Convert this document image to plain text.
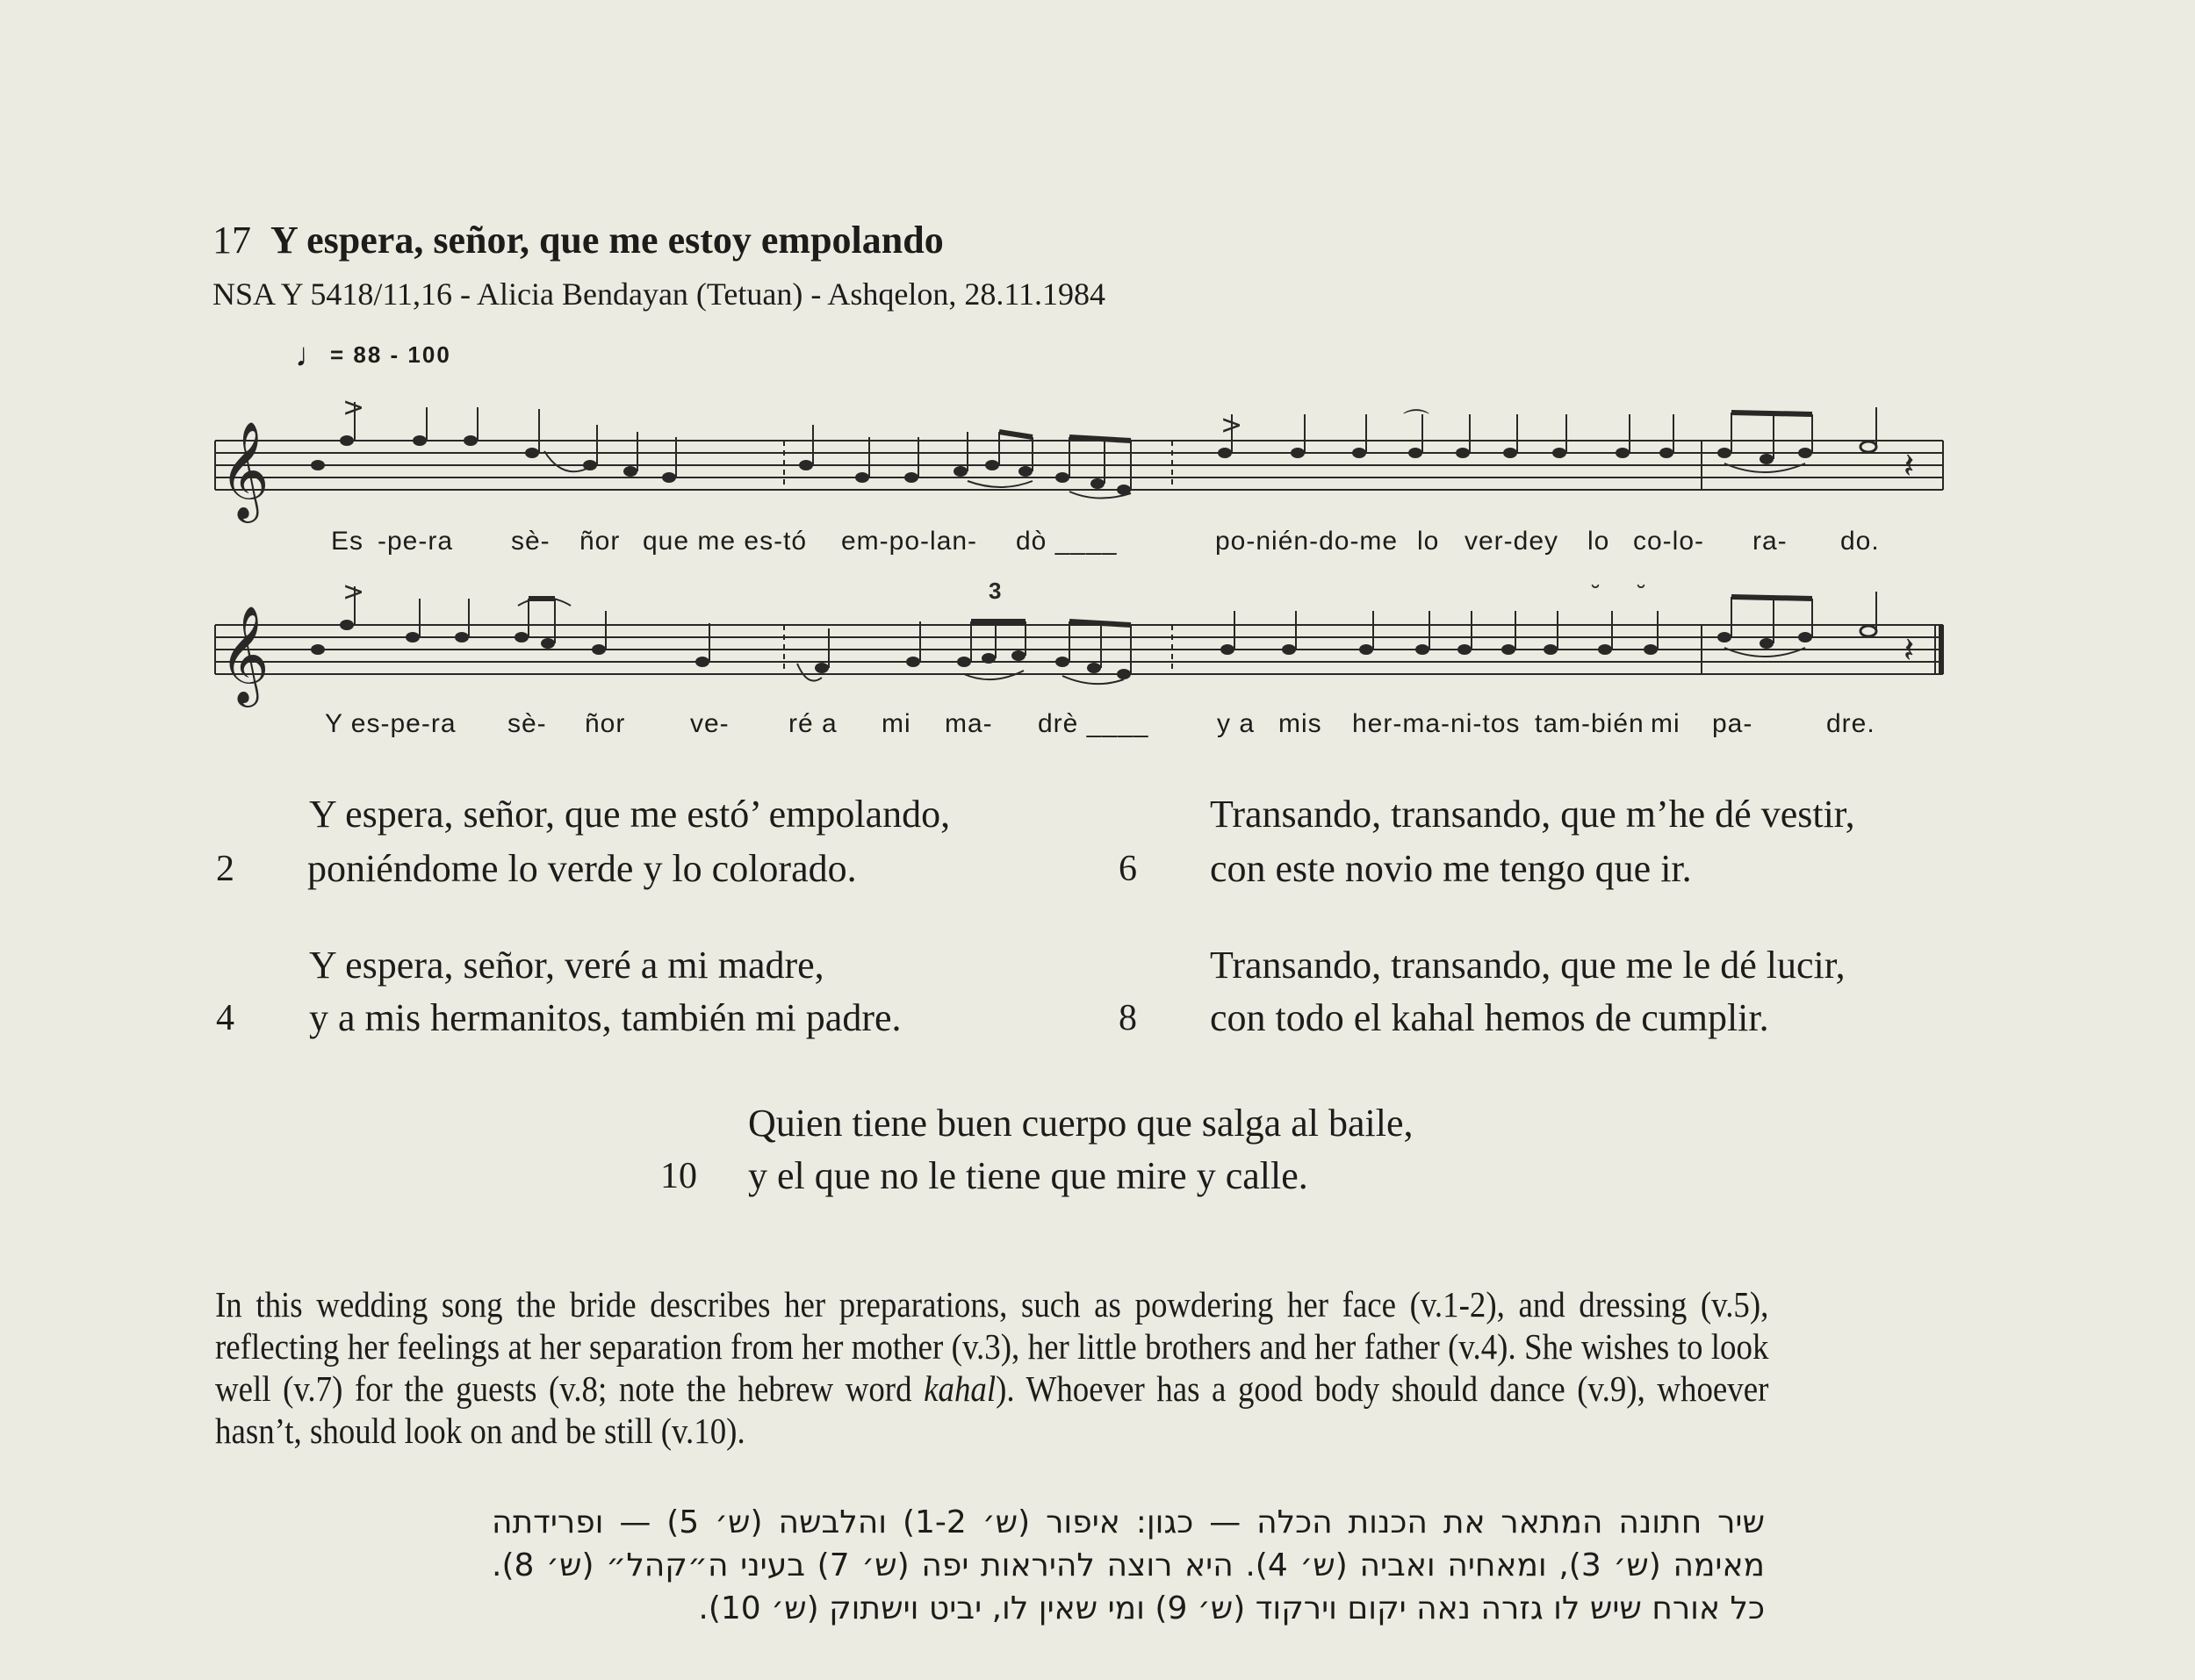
17 Y espera, señor, que me estoy empolando
NSA Y 5418/11,16 - Alicia Bendayan (Tetuan) - Ashqelon, 28.11.1984
♩= 88 - 100
𝄞
>
>	⌒
𝄽
Es -pe-ra sè- ñor que me es-tó em-po-lan- dò ____	po-nién-do-me lo ver-dey lo co-lo- ra- do.
𝄞
3
>	˘ ˘
𝄽
Y es-pe-ra sè- ñor ve- ré a mi ma- drè ____	y a mis her-ma-ni-tos tam-bién mi pa-	dre.
Y espera, señor, que me estó’ empolando,
2 poniéndome lo verde y lo colorado.
Y espera, señor, veré a mi madre,
4 y a mis hermanitos, también mi padre.
Transando, transando, que m’he dé vestir,
6 con este novio me tengo que ir.
Transando, transando, que me le dé lucir,
8 con todo el kahal hemos de cumplir.
Quien tiene buen cuerpo que salga al baile,
10 y el que no le tiene que mire y calle.
In this wedding song the bride describes her preparations, such as powdering her face (v.1-2), and dressing (v.5), reflecting her feelings at her separation from her mother (v.3), her little brothers and her father (v.4). She wishes to look well (v.7) for the guests (v.8; note the hebrew word kahal). Whoever has a good body should dance (v.9), whoever hasn’t, should look on and be still (v.10).
שיר חתונה המתאר את הכנות הכלה — כגון: איפור (ש׳ 1-2) והלבשה (ש׳ 5) — ופרידתה מאימה (ש׳ 3), ומאחיה ואביה (ש׳ 4). היא רוצה להיראות יפה (ש׳ 7) בעיני ה״קהל״ (ש׳ 8). כל אורח שיש לו גזרה נאה יקום וירקוד (ש׳ 9) ומי שאין לו, יביט וישתוק (ש׳ 10).
